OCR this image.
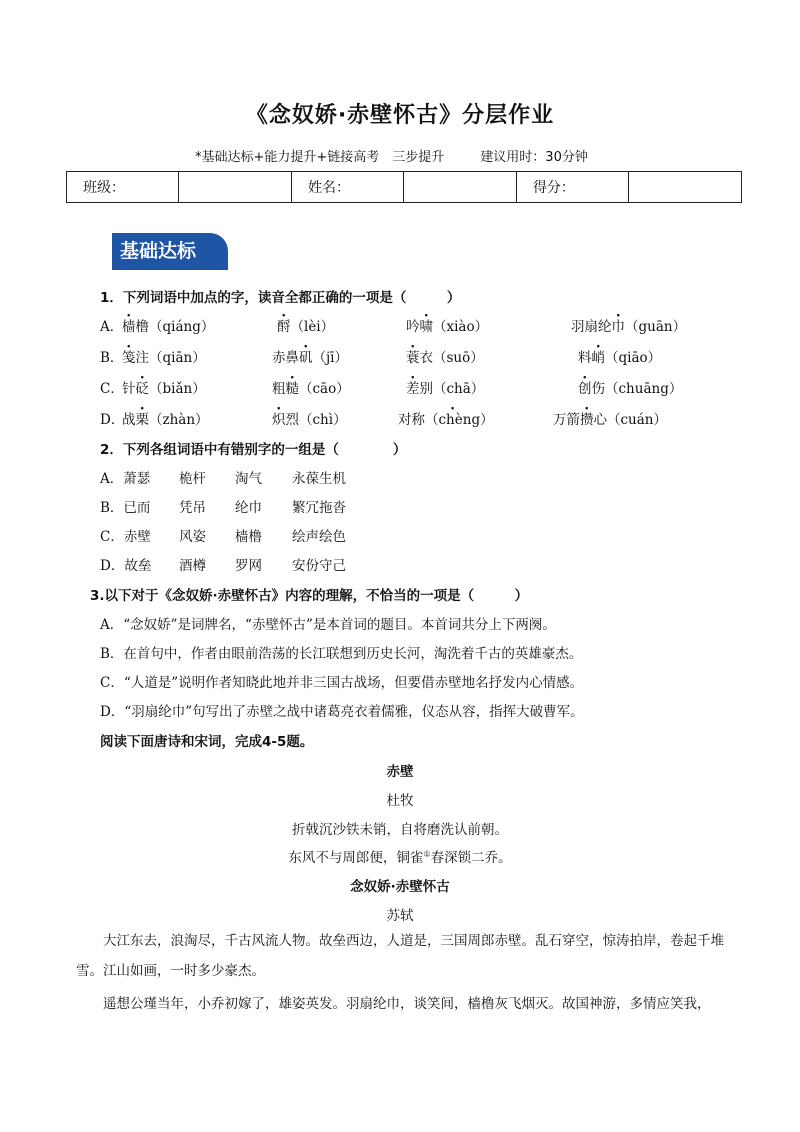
《念奴娇·赤壁怀古》分层作业
*基础达标+能力提升+链接高考　三步提升	建议用时：30分钟
班级：		姓名：		得分：	
基础达标
1．下列词语中加点的字，读音全都正确的一项是（　　　）
A．
樯橹（qiáng）	酹（lèi）	吟啸（xiào）	羽扇纶巾（guān）
B．
笺注（qiān）	赤鼻矶（jī）	蓑衣（suō）	料峭（qiāo）
C．
针砭（biǎn）	粗糙（cāo）	差别（chā）	创伤（chuāng）
D．
战栗（zhàn）	炽烈（chì）	对· 称（chèng）	万箭攒心（cuán）
2．下列各组词语中有错别字的一组是（　　　　）
A．萧瑟 桅杆 淘气 永葆生机
B．已而 凭吊 纶巾 繁冗拖沓
C．赤壁 风姿 樯橹 绘声绘色
D．故垒 酒樽 罗网 安份守己
3.以下对于《念奴娇·赤壁怀古》内容的理解，不恰当的一项是（　　　）
A．“念奴娇”是词牌名，“赤壁怀古”是本首词的题目。本首词共分上下两阕。
B．在首句中，作者由眼前浩荡的长江联想到历史长河，淘洗着千古的英雄豪杰。
C．“人道是”说明作者知晓此地并非三国古战场，但要借赤壁地名抒发内心情感。
D．“羽扇纶巾”句写出了赤壁之战中诸葛亮衣着儒雅，仪态从容，指挥大破曹军。
阅读下面唐诗和宋词，完成4-5题。
赤壁
杜牧
折戟沉沙铁未销，自将磨洗认前朝。
东风不与周郎便，铜雀①春深锁二乔。
念奴娇·赤壁怀古
苏轼
大江东去，浪淘尽，千古风流人物。故垒西边，人道是，三国周郎赤壁。乱石穿空，惊涛拍岸，卷起千堆雪。江山如画，一时多少豪杰。
遥想公瑾当年，小乔初嫁了，雄姿英发。羽扇纶巾，谈笑间，樯橹灰飞烟灭。故国神游，多情应笑我，
